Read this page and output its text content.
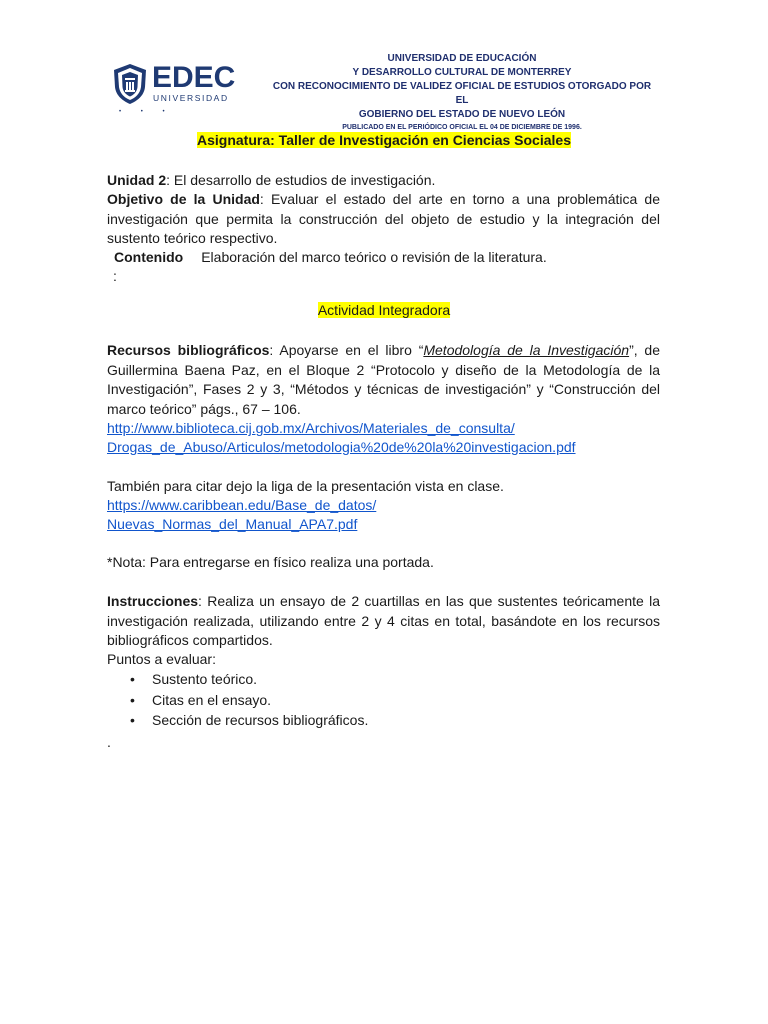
EDEC
UNIVERSIDAD
• • •
UNIVERSIDAD DE EDUCACIÓN
Y DESARROLLO CULTURAL DE MONTERREY
CON RECONOCIMIENTO DE VALIDEZ OFICIAL DE ESTUDIOS OTORGADO POR EL
GOBIERNO DEL ESTADO DE NUEVO LEÓN
PUBLICADO EN EL PERIÓDICO OFICIAL EL 04 DE DICIEMBRE DE 1996.
Asignatura: Taller de Investigación en Ciencias Sociales
Unidad 2: El desarrollo de estudios de investigación.
Objetivo de la Unidad: Evaluar el estado del arte en torno a una problemática de investigación que permita la construcción del objeto de estudio y la integración del sustento teórico respectivo.
Contenido Elaboración del marco teórico o revisión de la literatura.
:
Actividad Integradora
Recursos bibliográficos: Apoyarse en el libro “Metodología de la Investigación”, de Guillermina Baena Paz, en el Bloque 2 “Protocolo y diseño de la Metodología de la Investigación”, Fases 2 y 3, “Métodos y técnicas de investigación” y “Construcción del marco teórico” págs., 67 – 106.
http://www.biblioteca.cij.gob.mx/Archivos/Materiales_de_consulta/
Drogas_de_Abuso/Articulos/metodologia%20de%20la%20investigacion.pdf
También para citar dejo la liga de la presentación vista en clase.
https://www.caribbean.edu/Base_de_datos/
Nuevas_Normas_del_Manual_APA7.pdf
*Nota: Para entregarse en físico realiza una portada.
Instrucciones: Realiza un ensayo de 2 cuartillas en las que sustentes teóricamente la investigación realizada, utilizando entre 2 y 4 citas en total, basándote en los recursos bibliográficos compartidos.
Puntos a evaluar:
• Sustento teórico.
• Citas en el ensayo.
• Sección de recursos bibliográficos.
.
